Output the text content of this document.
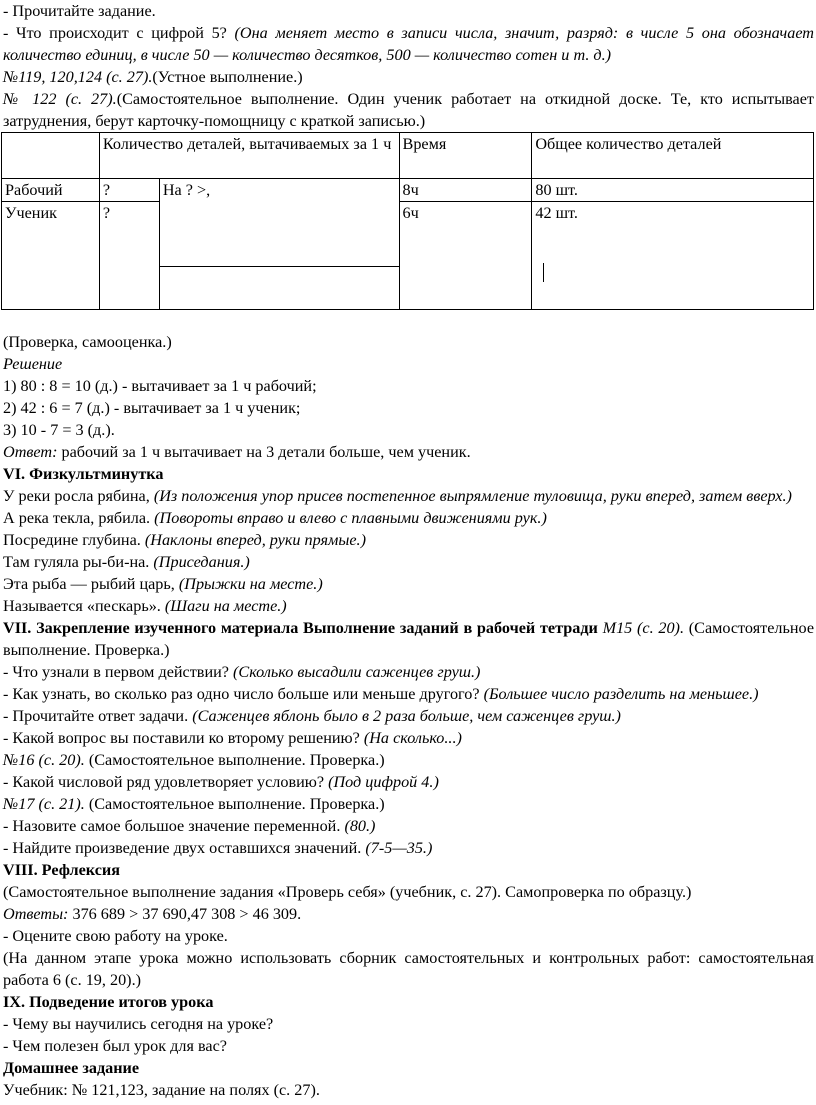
- Прочитайте задание.

- Что происходит с цифрой 5? (Она меняет место в записи числа, значит, разряд: в числе 5 она обозначает количество единиц, в числе 50 — количество десятков, 500 — количество сотен и т. д.)

№119, 120,124 (с. 27).(Устное выполнение.)

№ 122 (с. 27).(Самостоятельное выполнение. Один ученик работает на откидной доске. Те, кто испытывает затруднения, берут карточку-помощницу с краткой записью.)

	Количество деталей, вытачиваемых за 1 ч		Время	Общее количество деталей
Рабочий	?	На ? >,	8ч	80 шт.
Ученик	?		6ч	42 шт.

(Проверка, самооценка.)

Решение

1) 80 : 8 = 10 (д.) - вытачивает за 1 ч рабочий;

2) 42 : 6 = 7 (д.) - вытачивает за 1 ч ученик;

3) 10 - 7 = 3 (д.).

Ответ: рабочий за 1 ч вытачивает на 3 детали больше, чем ученик.

VI. Физкультминутка

У реки росла рябина, (Из положения упор присев постепенное выпрямление туловища, руки вперед, затем вверх.)

А река текла, рябила. (Повороты вправо и влево с плавными движениями рук.)

Посредине глубина. (Наклоны вперед, руки прямые.)

Там гуляла ры-би-на. (Приседания.)

Эта рыба — рыбий царь, (Прыжки на месте.)

Называется «пескарь». (Шаги на месте.)

VII. Закрепление изученного материала Выполнение заданий в рабочей тетради М15 (с. 20). (Самостоятельное выполнение. Проверка.)

- Что узнали в первом действии? (Сколько высадили саженцев груш.)

- Как узнать, во сколько раз одно число больше или меньше другого? (Большее число разделить на меньшее.)

- Прочитайте ответ задачи. (Саженцев яблонь было в 2 раза больше, чем саженцев груш.)

- Какой вопрос вы поставили ко второму решению? (На сколько...)

№16 (с. 20). (Самостоятельное выполнение. Проверка.)

- Какой числовой ряд удовлетворяет условию? (Под цифрой 4.)

№17 (с. 21). (Самостоятельное выполнение. Проверка.)

- Назовите самое большое значение переменной. (80.)

- Найдите произведение двух оставшихся значений. (7-5—35.)

VIII. Рефлексия

(Самостоятельное выполнение задания «Проверь себя» (учебник, с. 27). Самопроверка по образцу.)

Ответы: 376 689 > 37 690,47 308 > 46 309.

- Оцените свою работу на уроке.

(На данном этапе урока можно использовать сборник самостоятельных и контрольных работ: самостоятельная работа 6 (с. 19, 20).)

IX. Подведение итогов урока

- Чему вы научились сегодня на уроке?

- Чем полезен был урок для вас?

Домашнее задание

Учебник: № 121,123, задание на полях (с. 27).
